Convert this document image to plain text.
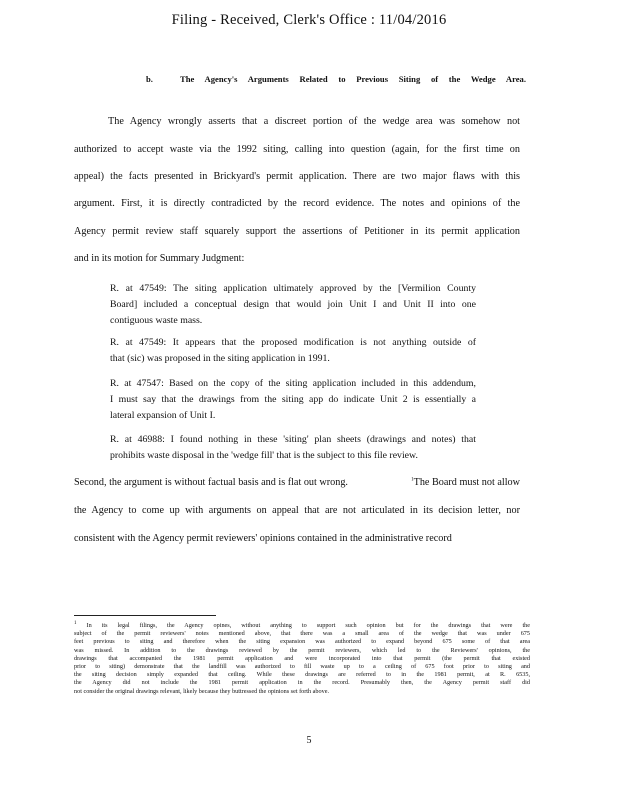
Filing - Received, Clerk's Office : 11/04/2016
b.	The Agency's Arguments Related to Previous Siting of the Wedge Area.
The Agency wrongly asserts that a discreet portion of the wedge area was somehow not
authorized to accept waste via the 1992 siting, calling into question (again, for the first time on
appeal) the facts presented in Brickyard's permit application. There are two major flaws with this
argument. First, it is directly contradicted by the record evidence. The notes and opinions of the
Agency permit review staff squarely support the assertions of Petitioner in its permit application
and in its motion for Summary Judgment:
R. at 47549: The siting application ultimately approved by the [Vermilion County
Board] included a conceptual design that would join Unit I and Unit II into one
contiguous waste mass.
R. at 47549: It appears that the proposed modification is not anything outside of
that (sic) was proposed in the siting application in 1991.
R. at 47547: Based on the copy of the siting application included in this addendum,
I must say that the drawings from the siting app do indicate Unit 2 is essentially a
lateral expansion of Unit I.
R. at 46988: I found nothing in these 'siting' plan sheets (drawings and notes) that
prohibits waste disposal in the 'wedge fill' that is the subject to this file review.
Second, the argument is without factual basis and is flat out wrong.	$^1$The Board must not allow
the Agency to come up with arguments on appeal that are not articulated in its decision letter, nor
consistent with the Agency permit reviewers' opinions contained in the administrative record
$^1$ In its legal filings, the Agency opines, without anything to support such opinion but for the drawings that were the
subject of the permit reviewers' notes mentioned above, that there was a small area of the wedge that was under 675
feet previous to siting and therefore when the siting expansion was authorized to expand beyond 675 some of that area
was missed. In addition to the drawings reviewed by the permit reviewers, which led to the Reviewers' opinions, the
drawings that accompanied the 1981 permit application and were incorporated into that permit (the permit that existed
prior to siting) demonstrate that the landfill was authorized to fill waste up to a ceiling of 675 foot prior to siting and
the siting decision simply expanded that ceiling. While these drawings are referred to in the 1981 permit, at R. 6535,
the Agency did not include the 1981 permit application in the record. Presumably then, the Agency permit staff did
not consider the original drawings relevant, likely because they buttressed the opinions set forth above.
5
